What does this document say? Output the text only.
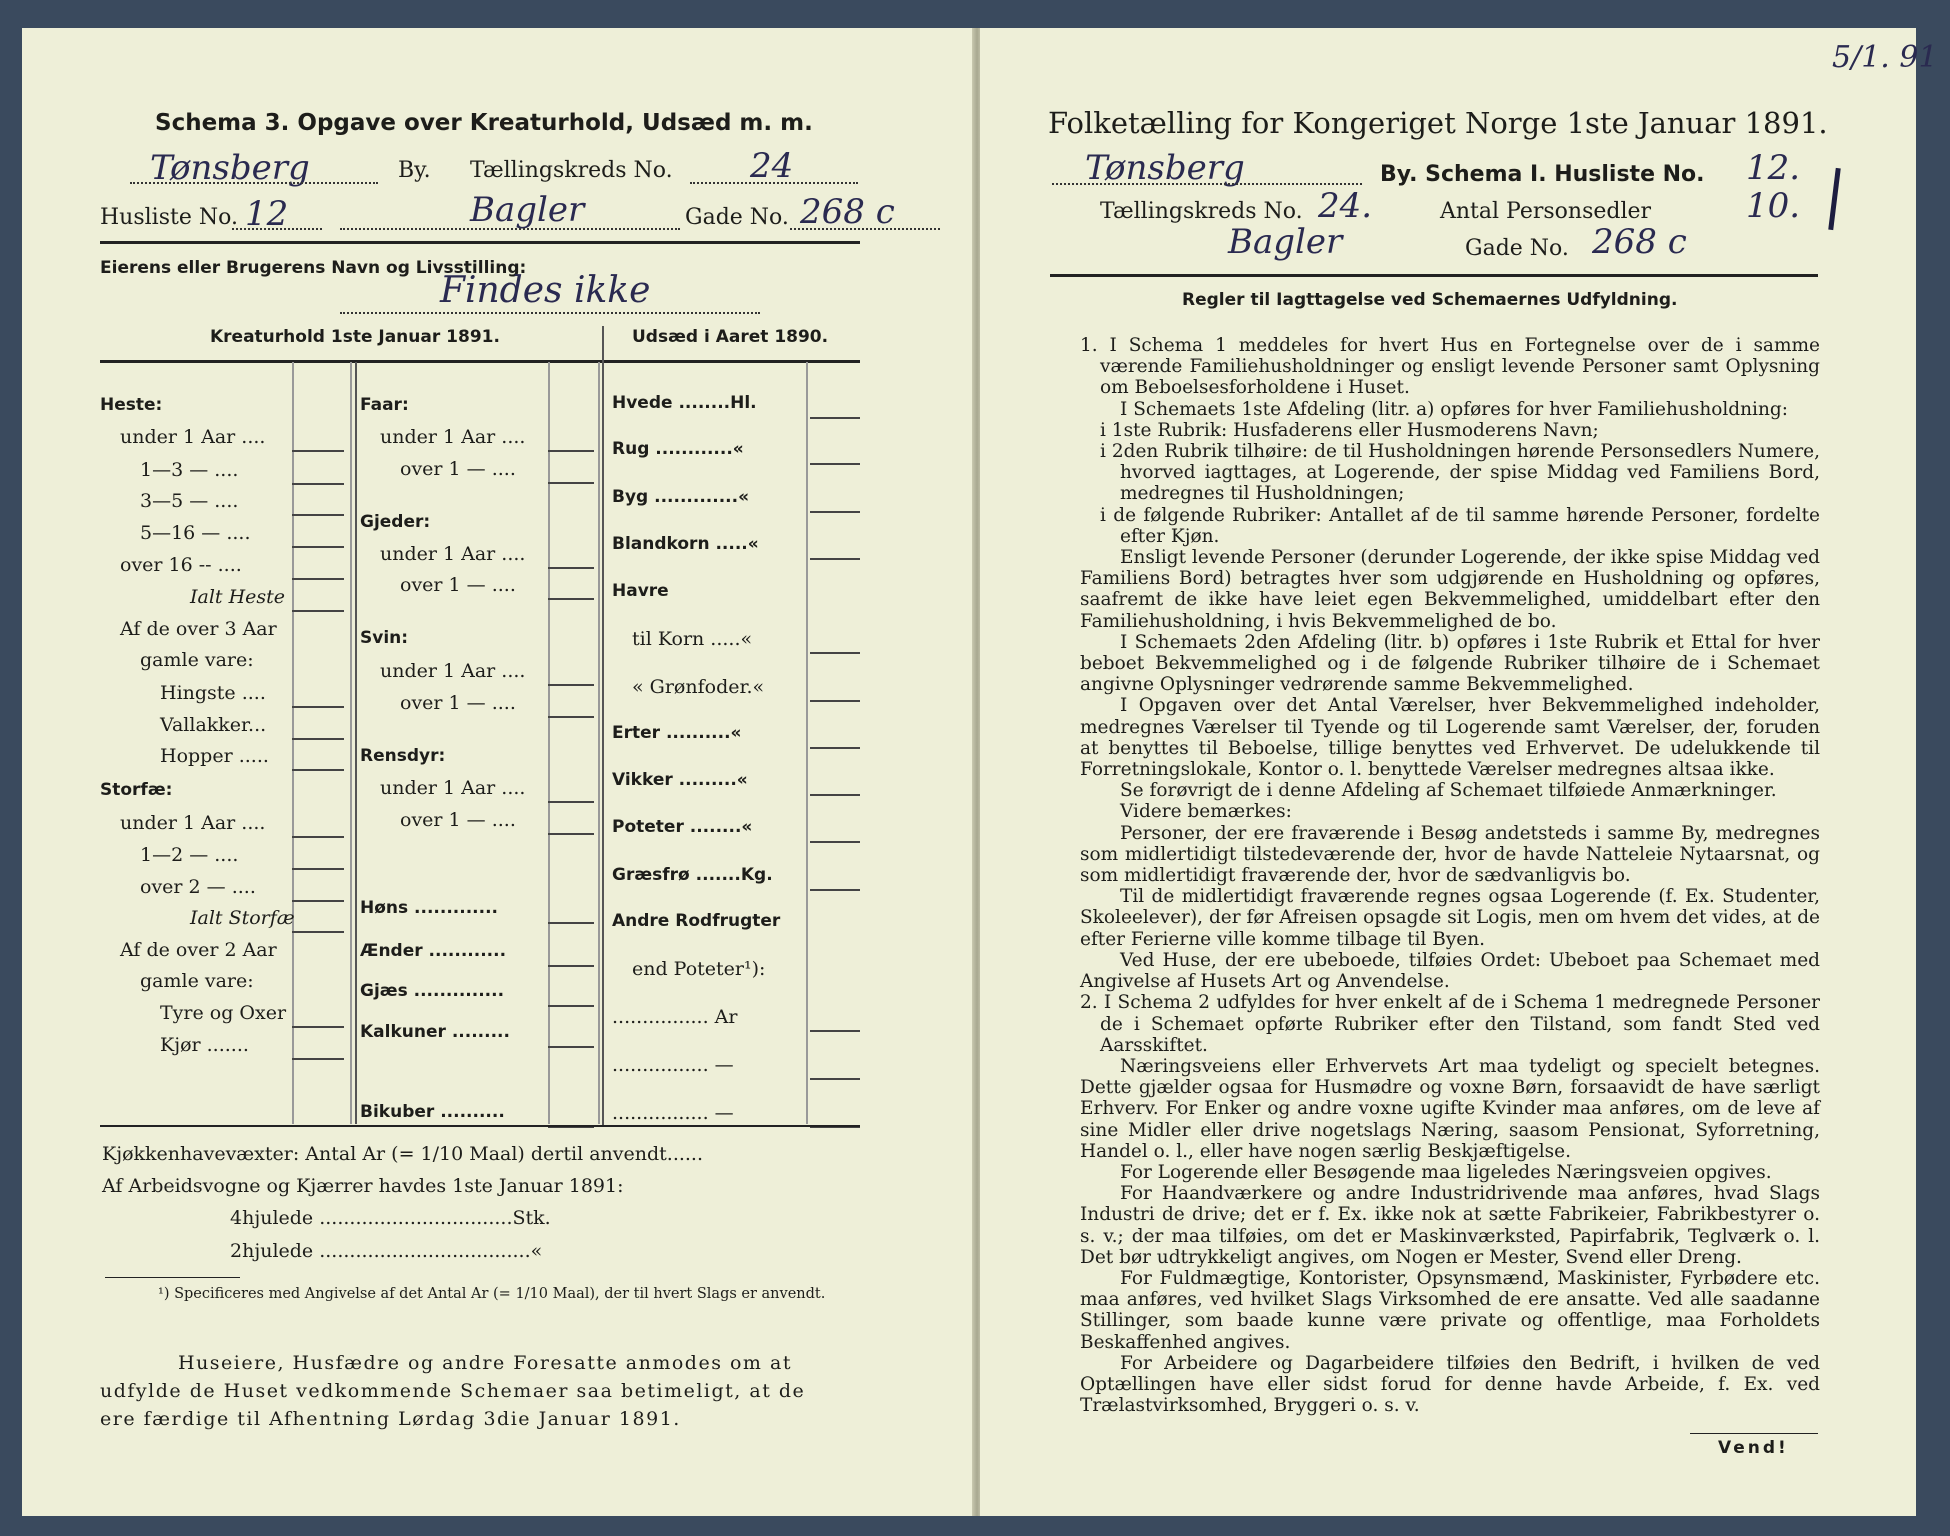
5/1. 91
Schema 3. Opgave over Kreaturhold, Udsæd m. m.
Tønsberg	By. Tællingskreds No. 24
Husliste No. 12	Bagler	Gade No. 268 c
Eierens eller Brugerens Navn og Livsstilling:
Findes ikke
Kreaturhold 1ste Januar 1891.	Udsæd i Aaret 1890.
Heste:
under 1 Aar ....
1—3 — ....
3—5 — ....
5—16 — ....
over 16 -- ....
Ialt Heste
Af de over 3 Aar
gamle vare:
Hingste ....
Vallakker...
Hopper .....
Storfæ:
under 1 Aar ....
1—2 — ....
over 2 — ....
Ialt Storfæ
Af de over 2 Aar
gamle vare:
Tyre og Oxer
Kjør .......
Faar:
under 1 Aar ....
over 1 — ....
Gjeder:
under 1 Aar ....
over 1 — ....
Svin:
under 1 Aar ....
over 1 — ....
Rensdyr:
under 1 Aar ....
over 1 — ....
Høns .............
Ænder ............
Gjæs ..............
Kalkuner .........
Bikuber ..........
Hvede ........Hl.
Rug ............«
Byg .............«
Blandkorn .....«
Havre
til Korn .....«
« Grønfoder.«
Erter ..........«
Vikker .........«
Poteter ........«
Græsfrø .......Kg.
Andre Rodfrugter
end Poteter¹):
................ Ar
................ —
................ —
Kjøkkenhavevæxter: Antal Ar (= 1/10 Maal) dertil anvendt......
Af Arbeidsvogne og Kjærrer havdes 1ste Januar 1891:
4hjulede ................................Stk.
2hjulede ...................................«
¹) Specificeres med Angivelse af det Antal Ar (= 1/10 Maal), der til hvert Slags er anvendt.
Huseiere, Husfædre og andre Foresatte anmodes om at
udfylde de Huset vedkommende Schemaer saa betimeligt, at de
ere færdige til Afhentning Lørdag 3die Januar 1891.
Folketælling for Kongeriget Norge 1ste Januar 1891.
Tønsberg	By. Schema I. Husliste No. 12.
Tællingskreds No. 24.	Antal Personsedler	10.
Bagler	Gade No. 268 c
Regler til Iagttagelse ved Schemaernes Udfyldning.

1. I Schema 1 meddeles for hvert Hus en Fortegnelse over de i samme værende Familiehusholdninger og ensligt levende Personer samt Oplysning om Beboelsesforholdene i Huset.

I Schemaets 1ste Afdeling (litr. a) opføres for hver Familiehusholdning:

i 1ste Rubrik: Husfaderens eller Husmoderens Navn;

i 2den Rubrik tilhøire: de til Husholdningen hørende Personsedlers Numere, hvorved iagttages, at Logerende, der spise Middag ved Familiens Bord, medregnes til Husholdningen;

i de følgende Rubriker: Antallet af de til samme hørende Personer, fordelte efter Kjøn.

Ensligt levende Personer (derunder Logerende, der ikke spise Middag ved Familiens Bord) betragtes hver som udgjørende en Husholdning og opføres, saafremt de ikke have leiet egen Bekvemmelighed, umiddelbart efter den Familiehusholdning, i hvis Bekvemmelighed de bo.

I Schemaets 2den Afdeling (litr. b) opføres i 1ste Rubrik et Ettal for hver beboet Bekvemmelighed og i de følgende Rubriker tilhøire de i Schemaet angivne Oplysninger vedrørende samme Bekvemmelighed.

I Opgaven over det Antal Værelser, hver Bekvemmelighed indeholder, medregnes Værelser til Tyende og til Logerende samt Værelser, der, foruden at benyttes til Beboelse, tillige benyttes ved Erhvervet. De udelukkende til Forretningslokale, Kontor o. l. benyttede Værelser medregnes altsaa ikke.

Se forøvrigt de i denne Afdeling af Schemaet tilføiede Anmærkninger.

Videre bemærkes:

Personer, der ere fraværende i Besøg andetsteds i samme By, medregnes som midlertidigt tilstedeværende der, hvor de havde Natteleie Nytaarsnat, og som midlertidigt fraværende der, hvor de sædvanligvis bo.

Til de midlertidigt fraværende regnes ogsaa Logerende (f. Ex. Studenter, Skoleelever), der før Afreisen opsagde sit Logis, men om hvem det vides, at de efter Ferierne ville komme tilbage til Byen.

Ved Huse, der ere ubeboede, tilføies Ordet: Ubeboet paa Schemaet med Angivelse af Husets Art og Anvendelse.

2. I Schema 2 udfyldes for hver enkelt af de i Schema 1 medregnede Personer de i Schemaet opførte Rubriker efter den Tilstand, som fandt Sted ved Aarsskiftet.

Næringsveiens eller Erhvervets Art maa tydeligt og specielt betegnes. Dette gjælder ogsaa for Husmødre og voxne Børn, forsaavidt de have særligt Erhverv. For Enker og andre voxne ugifte Kvinder maa anføres, om de leve af sine Midler eller drive nogetslags Næring, saasom Pensionat, Syforretning, Handel o. l., eller have nogen særlig Beskjæftigelse.

For Logerende eller Besøgende maa ligeledes Næringsveien opgives.

For Haandværkere og andre Industridrivende maa anføres, hvad Slags Industri de drive; det er f. Ex. ikke nok at sætte Fabrikeier, Fabrikbestyrer o. s. v.; der maa tilføies, om det er Maskinværksted, Papirfabrik, Teglværk o. l. Det bør udtrykkeligt angives, om Nogen er Mester, Svend eller Dreng.

For Fuldmægtige, Kontorister, Opsynsmænd, Maskinister, Fyrbødere etc. maa anføres, ved hvilket Slags Virksomhed de ere ansatte. Ved alle saadanne Stillinger, som baade kunne være private og offentlige, maa Forholdets Beskaffenhed angives.

For Arbeidere og Dagarbeidere tilføies den Bedrift, i hvilken de ved Optællingen have eller sidst forud for denne havde Arbeide, f. Ex. ved Trælastvirksomhed, Bryggeri o. s. v.

Vend!
